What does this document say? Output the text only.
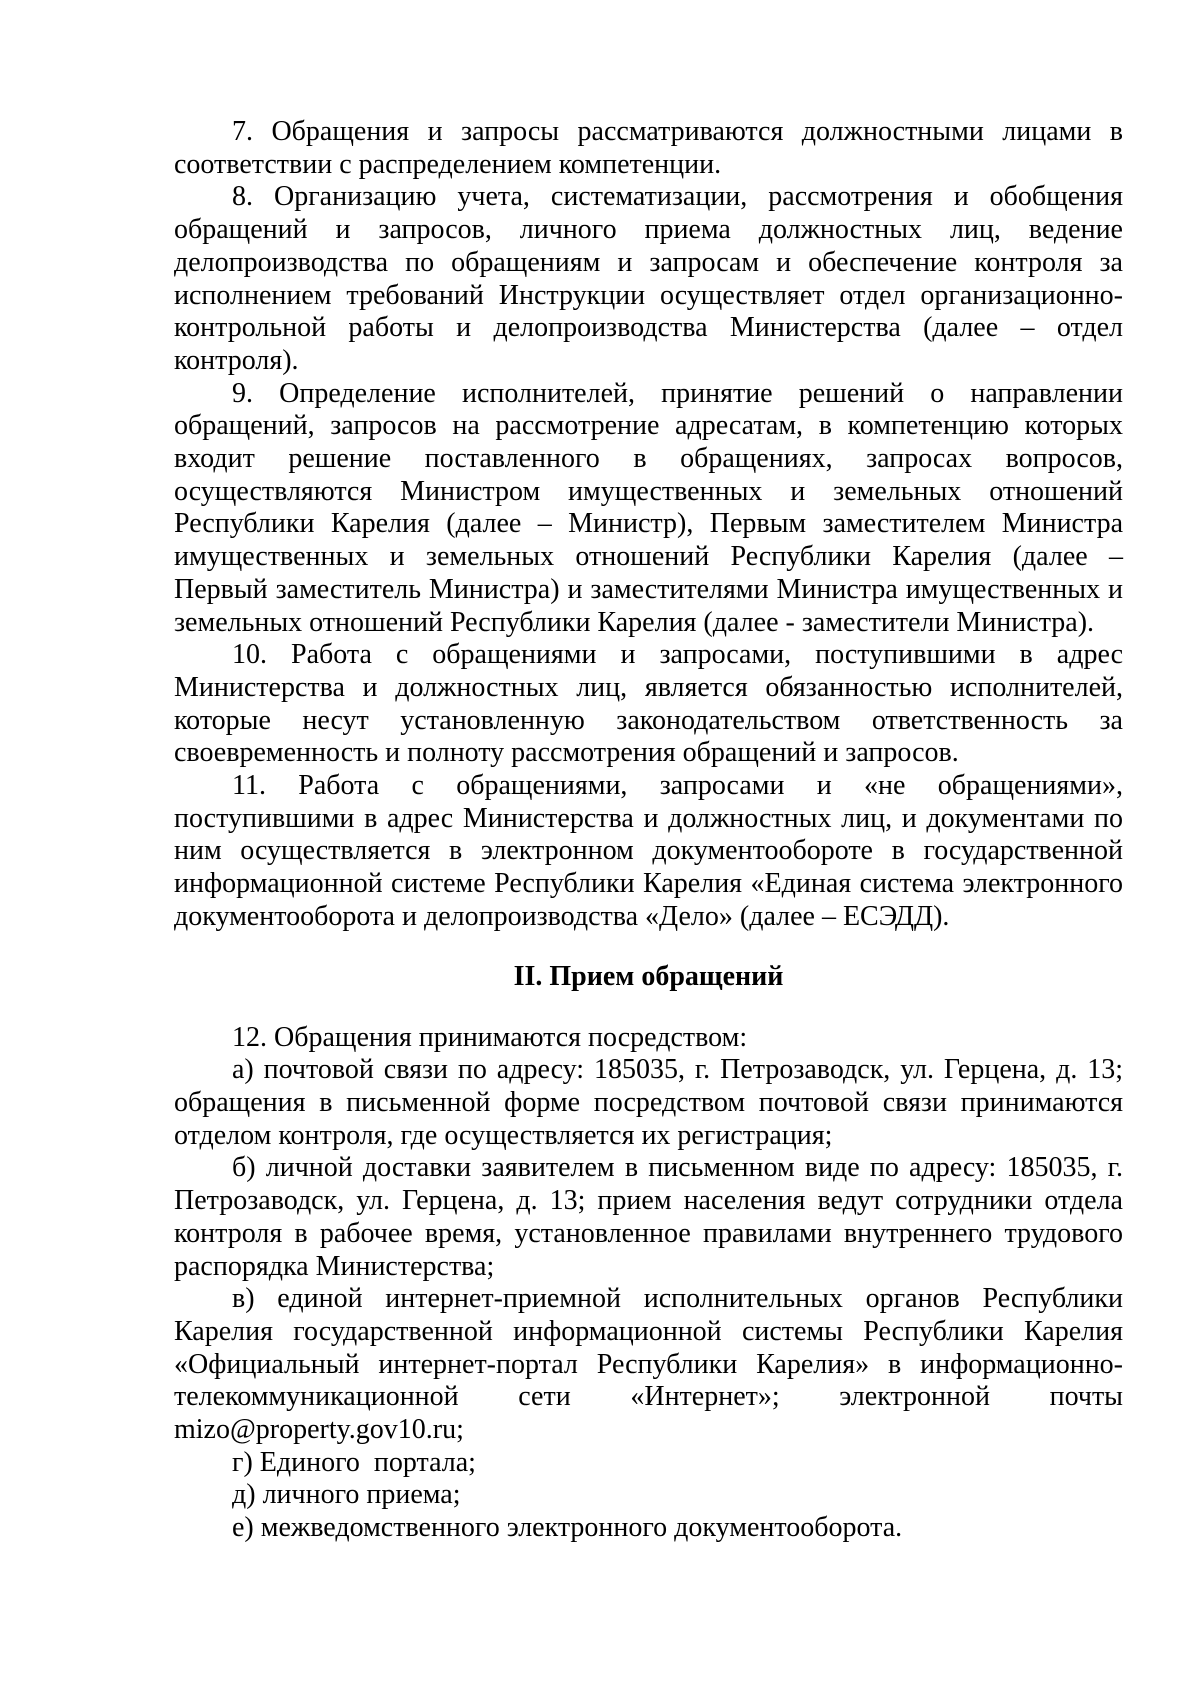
7. Обращения и запросы рассматриваются должностными лицами в соответствии с распределением компетенции.

8. Организацию учета, систематизации, рассмотрения и обобщения обращений и запросов, личного приема должностных лиц, ведение делопроизводства по обращениям и запросам и обеспечение контроля за исполнением требований Инструкции осуществляет отдел организационно-контрольной работы и делопроизводства Министерства (далее – отдел контроля).

9. Определение исполнителей, принятие решений о направлении обращений, запросов на рассмотрение адресатам, в компетенцию которых входит решение поставленного в обращениях, запросах вопросов, осуществляются Министром имущественных и земельных отношений Республики Карелия (далее – Министр), Первым заместителем Министра имущественных и земельных отношений Республики Карелия (далее – Первый заместитель Министра) и заместителями Министра имущественных и земельных отношений Республики Карелия (далее - заместители Министра).

10. Работа с обращениями и запросами, поступившими в адрес Министерства и должностных лиц, является обязанностью исполнителей, которые несут установленную законодательством ответственность за своевременность и полноту рассмотрения обращений и запросов.

11. Работа с обращениями, запросами и «не обращениями», поступившими в адрес Министерства и должностных лиц, и документами по ним осуществляется в электронном документообороте в государственной информационной системе Республики Карелия «Единая система электронного документооборота и делопроизводства «Дело» (далее – ЕСЭДД).

II. Прием обращений

12. Обращения принимаются посредством:

а) почтовой связи по адресу: 185035, г. Петрозаводск, ул. Герцена, д. 13; обращения в письменной форме посредством почтовой связи принимаются отделом контроля, где осуществляется их регистрация;

б) личной доставки заявителем в письменном виде по адресу: 185035, г. Петрозаводск, ул. Герцена, д. 13; прием населения ведут сотрудники отдела контроля в рабочее время, установленное правилами внутреннего трудового распорядка Министерства;

в) единой интернет-приемной исполнительных органов Республики Карелия государственной информационной системы Республики Карелия «Официальный интернет-портал Республики Карелия» в информационно-телекоммуникационной сети «Интернет»; электронной почты

mizo@property.gov10.ru;

г) Единого  портала;

д) личного приема;

е) межведомственного электронного документооборота.
